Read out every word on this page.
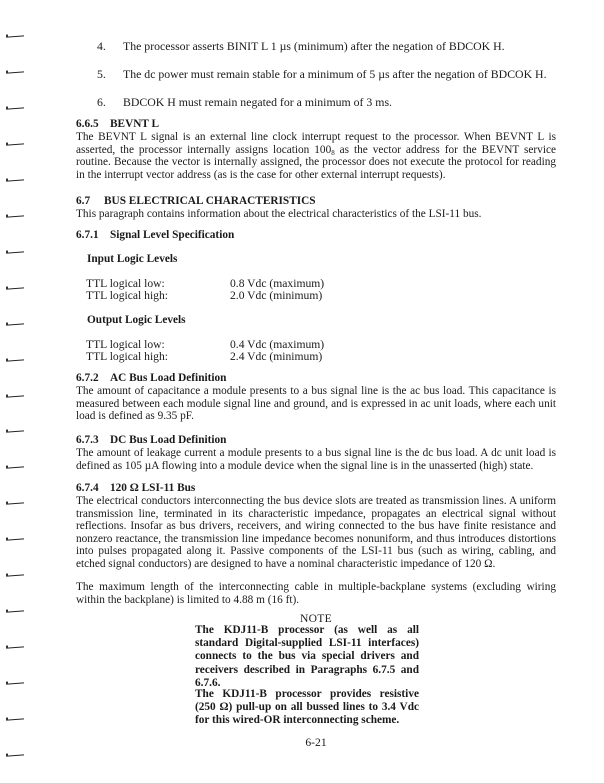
4. The processor asserts BINIT L 1 µs (minimum) after the negation of BDCOK H.
5. The dc power must remain stable for a minimum of 5 µs after the negation of BDCOK H.
6. BDCOK H must remain negated for a minimum of 3 ms.
6.6.5 BEVNT L
The BEVNT L signal is an external line clock interrupt request to the processor. When BEVNT L is asserted, the processor internally assigns location $100_8$ as the vector address for the BEVNT service routine. Because the vector is internally assigned, the processor does not execute the protocol for reading in the interrupt vector address (as is the case for other external interrupt requests).
6.7 BUS ELECTRICAL CHARACTERISTICS
This paragraph contains information about the electrical characteristics of the LSI-11 bus.
6.7.1 Signal Level Specification
Input Logic Levels
TTL logical low:	0.8 Vdc (maximum)
TTL logical high:	2.0 Vdc (minimum)
Output Logic Levels
TTL logical low:	0.4 Vdc (maximum)
TTL logical high:	2.4 Vdc (minimum)
6.7.2 AC Bus Load Definition
The amount of capacitance a module presents to a bus signal line is the ac bus load. This capacitance is measured between each module signal line and ground, and is expressed in ac unit loads, where each unit load is defined as 9.35 pF.
6.7.3 DC Bus Load Definition
The amount of leakage current a module presents to a bus signal line is the dc bus load. A dc unit load is defined as 105 µA flowing into a module device when the signal line is in the unasserted (high) state.
6.7.4 120 Ω LSI-11 Bus
The electrical conductors interconnecting the bus device slots are treated as transmission lines. A uniform transmission line, terminated in its characteristic impedance, propagates an electrical signal without reflections. Insofar as bus drivers, receivers, and wiring connected to the bus have finite resistance and nonzero reactance, the transmission line impedance becomes nonuniform, and thus introduces distortions into pulses propagated along it. Passive components of the LSI-11 bus (such as wiring, cabling, and etched signal conductors) are designed to have a nominal characteristic impedance of 120 Ω.
The maximum length of the interconnecting cable in multiple-backplane systems (excluding wiring within the backplane) is limited to 4.88 m (16 ft).
NOTE
The KDJ11-B processor (as well as all standard Digital-supplied LSI-11 interfaces) connects to the bus via special drivers and receivers described in Paragraphs 6.7.5 and 6.7.6.
The KDJ11-B processor provides resistive (250 Ω) pull-up on all bussed lines to 3.4 Vdc for this wired-OR interconnecting scheme.
6-21
